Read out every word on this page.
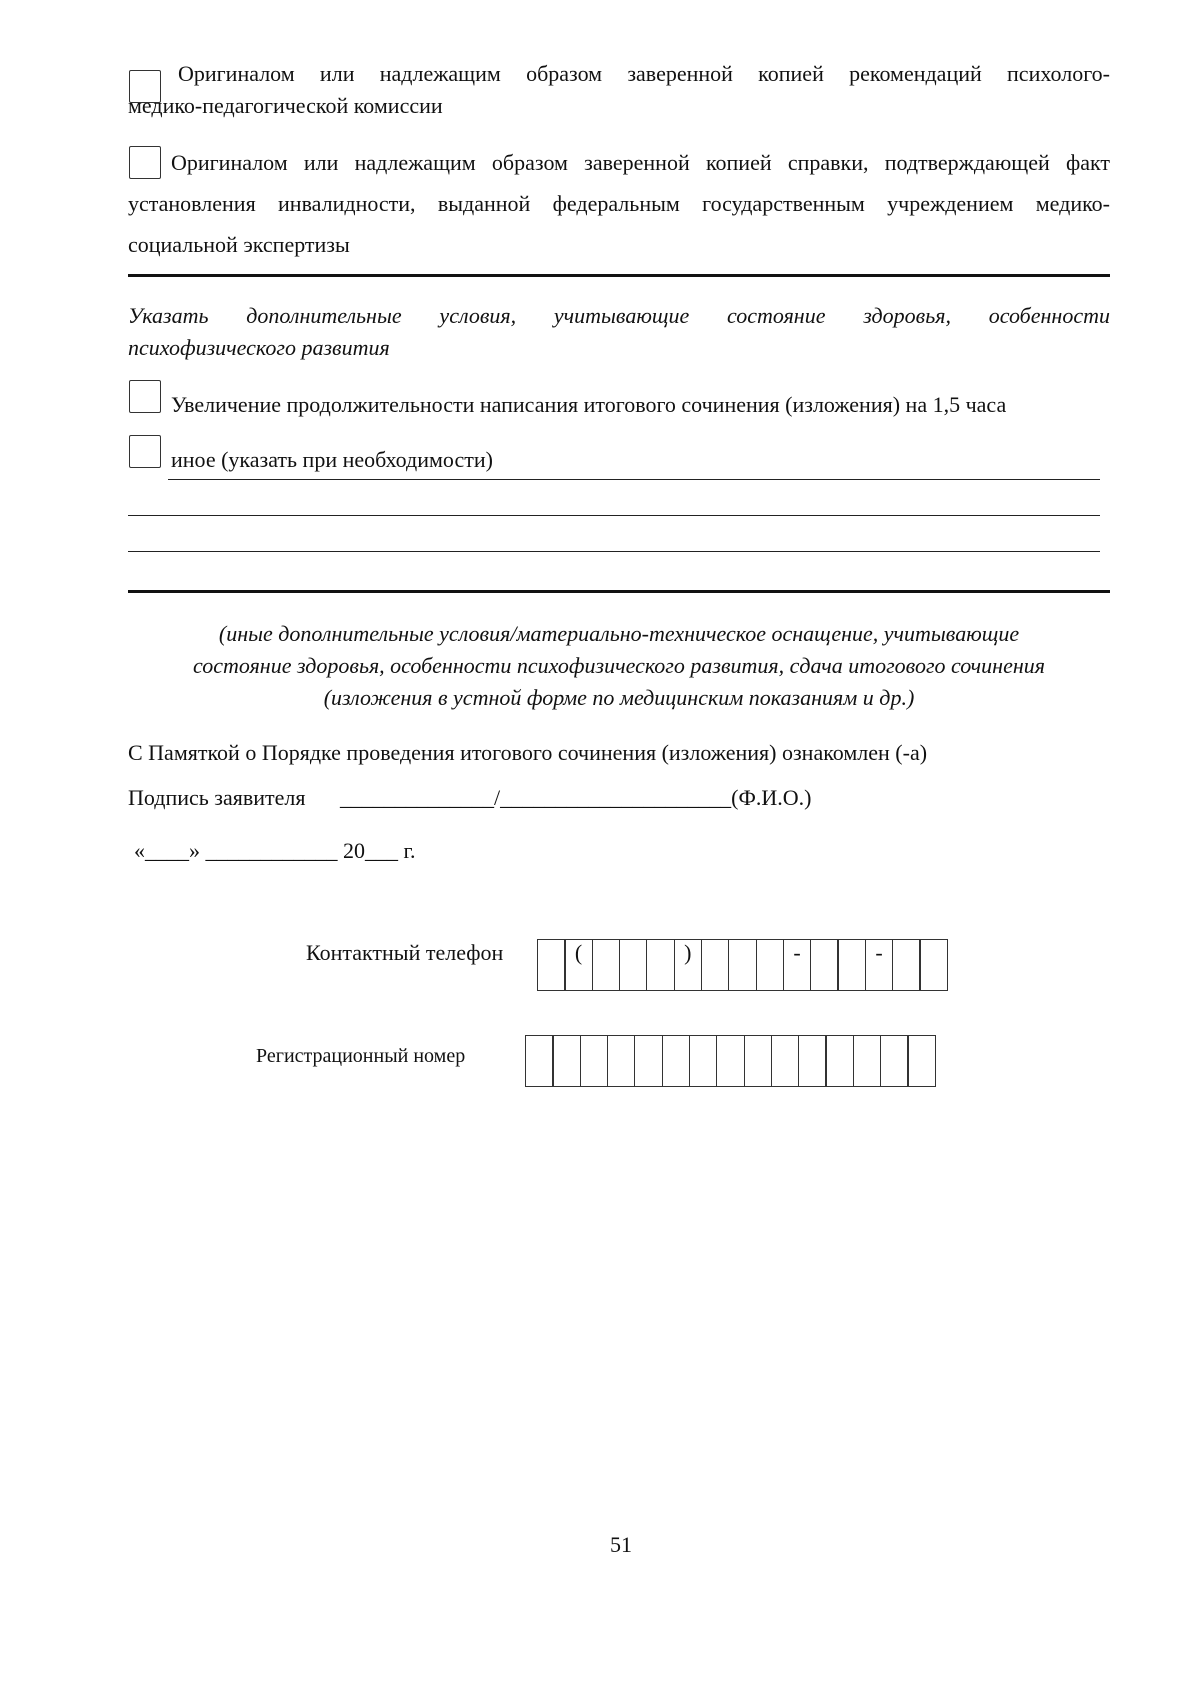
Оригиналом или надлежащим образом заверенной копией рекомендаций психолого-
медико-педагогической комиссии
Оригиналом или надлежащим образом заверенной копией справки, подтверждающей факт
установления инвалидности, выданной федеральным государственным учреждением медико-
социальной экспертизы
Указать дополнительные условия, учитывающие состояние здоровья, особенности
психофизического развития
Увеличение продолжительности написания итогового сочинения (изложения) на 1,5 часа
иное (указать при необходимости)
(иные дополнительные условия/материально-техническое оснащение, учитывающие
состояние здоровья, особенности психофизического развития, сдача итогового сочинения
(изложения в устной форме по медицинским показаниям и др.)
С Памяткой о Порядке проведения итогового сочинения (изложения) ознакомлен (-а)
Подпись заявителя ______________/_____________________(Ф.И.О.)
«____» ____________ 20___ г.
Контактный телефон	(	)	-	-
Регистрационный номер
51
